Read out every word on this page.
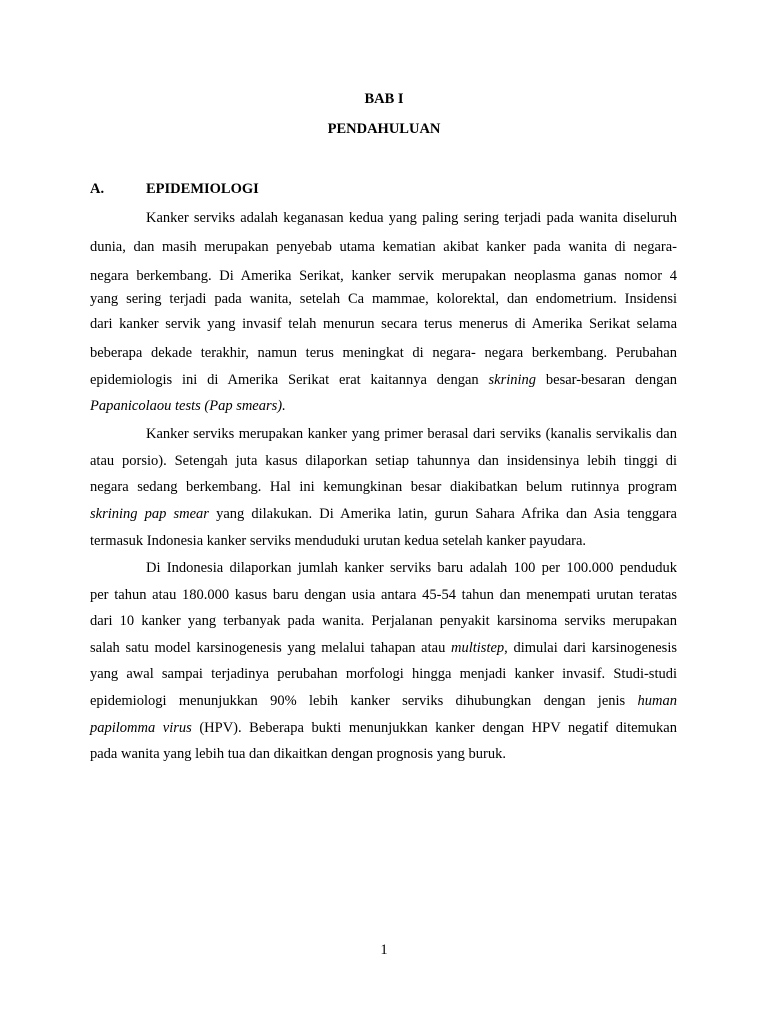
BAB I
PENDAHULUAN
A.	EPIDEMIOLOGI
Kanker serviks adalah keganasan kedua yang paling sering terjadi pada wanita diseluruh
dunia, dan masih merupakan penyebab utama kematian akibat kanker pada wanita di negara-
negara berkembang. Di Amerika Serikat, kanker servik merupakan neoplasma ganas nomor 4
yang sering terjadi pada wanita, setelah Ca mammae, kolorektal, dan endometrium. Insidensi
dari kanker servik yang invasif telah menurun secara terus menerus di Amerika Serikat selama
beberapa dekade terakhir, namun terus meningkat di negara- negara berkembang. Perubahan
epidemiologis ini di Amerika Serikat erat kaitannya dengan skrining besar-besaran dengan
Papanicolaou tests (Pap smears).
Kanker serviks merupakan kanker yang primer berasal dari serviks (kanalis servikalis dan
atau porsio). Setengah juta kasus dilaporkan setiap tahunnya dan insidensinya lebih tinggi di
negara sedang berkembang. Hal ini kemungkinan besar diakibatkan belum rutinnya program
skrining pap smear yang dilakukan. Di Amerika latin, gurun Sahara Afrika dan Asia tenggara
termasuk Indonesia kanker serviks menduduki urutan kedua setelah kanker payudara.
Di Indonesia dilaporkan jumlah kanker serviks baru adalah 100 per 100.000 penduduk
per tahun atau 180.000 kasus baru dengan usia antara 45-54 tahun dan menempati urutan teratas
dari 10 kanker yang terbanyak pada wanita. Perjalanan penyakit karsinoma serviks merupakan
salah satu model karsinogenesis yang melalui tahapan atau multistep, dimulai dari karsinogenesis
yang awal sampai terjadinya perubahan morfologi hingga menjadi kanker invasif. Studi-studi
epidemiologi menunjukkan 90% lebih kanker serviks dihubungkan dengan jenis human
papilomma virus (HPV). Beberapa bukti menunjukkan kanker dengan HPV negatif ditemukan
pada wanita yang lebih tua dan dikaitkan dengan prognosis yang buruk.
1
